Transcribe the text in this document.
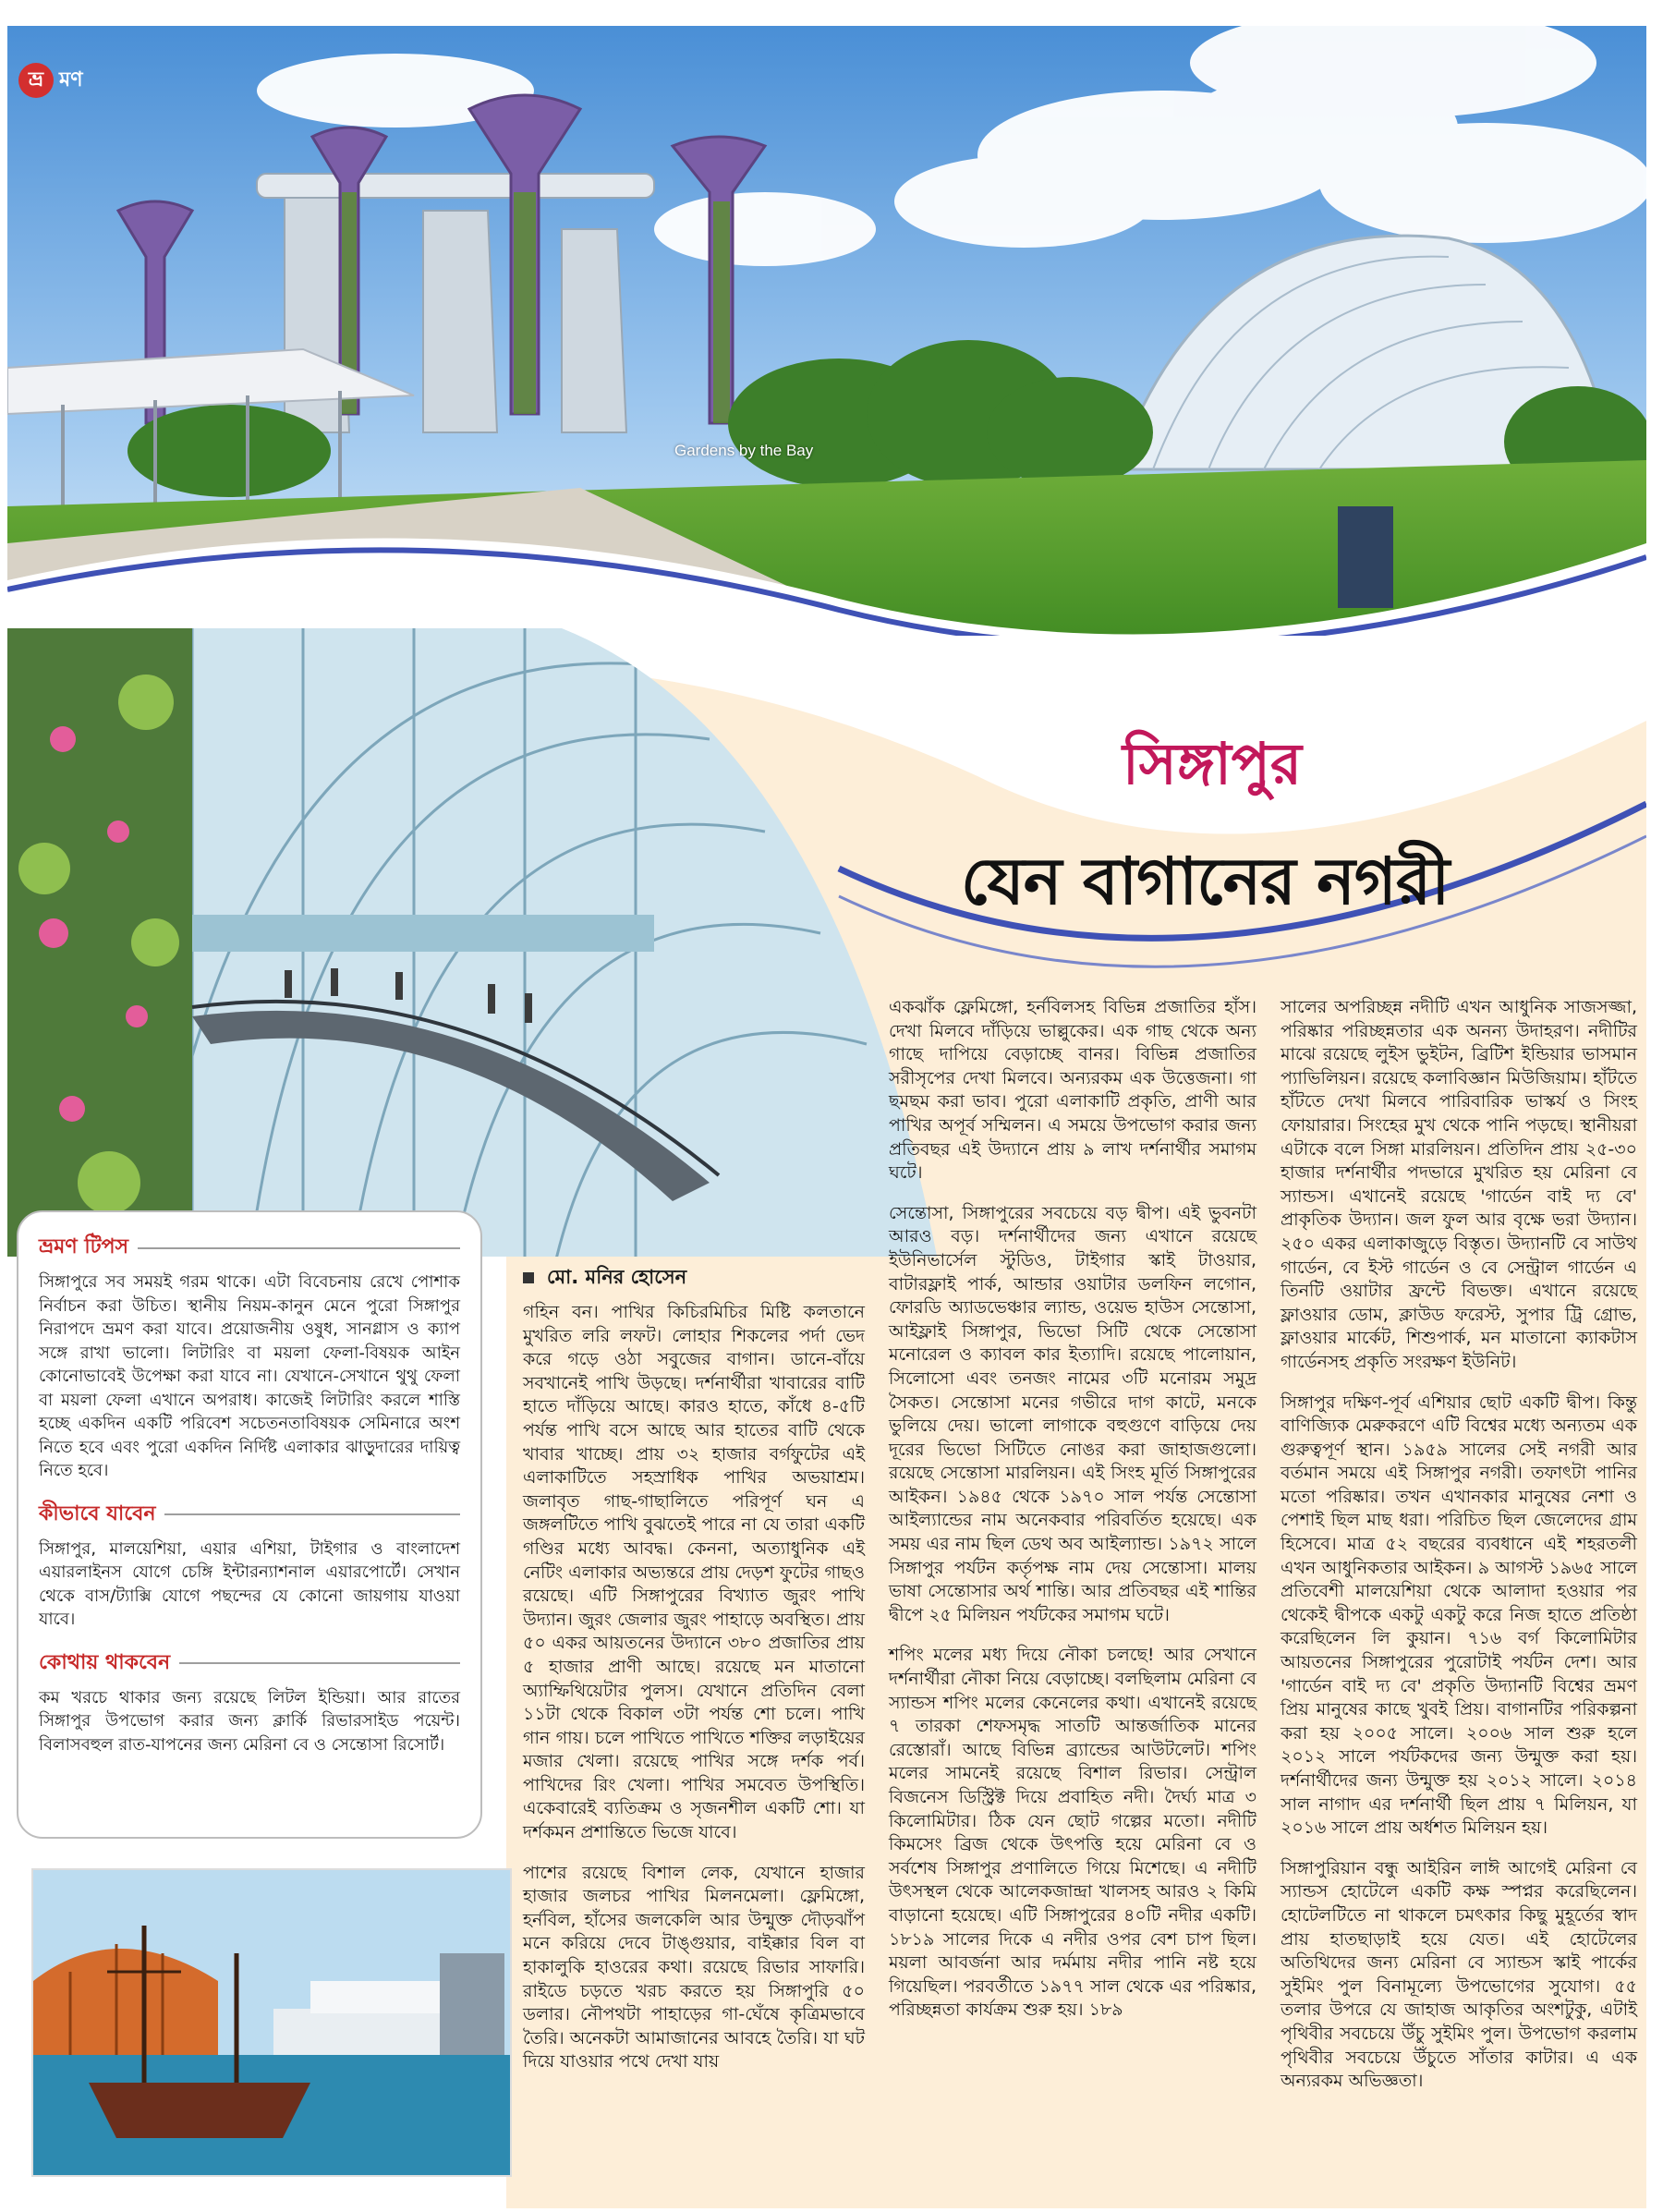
ভ্র মণ
Gardens by the Bay
সিঙ্গাপুর
যেন বাগানের নগরী
ভ্রমণ টিপস

সিঙ্গাপুরে সব সময়ই গরম থাকে। এটা বিবেচনায় রেখে পোশাক নির্বাচন করা উচিত। স্থানীয় নিয়ম-কানুন মেনে পুরো সিঙ্গাপুর নিরাপদে ভ্রমণ করা যাবে। প্রয়োজনীয় ওষুধ, সানগ্লাস ও ক্যাপ সঙ্গে রাখা ভালো। লিটারিং বা ময়লা ফেলা-বিষয়ক আইন কোনোভাবেই উপেক্ষা করা যাবে না। যেখানে-সেখানে থুথু ফেলা বা ময়লা ফেলা এখানে অপরাধ। কাজেই লিটারিং করলে শাস্তি হচ্ছে একদিন একটি পরিবেশ সচেতনতাবিষয়ক সেমিনারে অংশ নিতে হবে এবং পুরো একদিন নির্দিষ্ট এলাকার ঝাড়ুদারের দায়িত্ব নিতে হবে।

কীভাবে যাবেন

সিঙ্গাপুর, মালয়েশিয়া, এয়ার এশিয়া, টাইগার ও বাংলাদেশ এয়ারলাইনস যোগে চেঙ্গি ইন্টারন্যাশনাল এয়ারপোর্টে। সেখান থেকে বাস/ট্যাক্সি যোগে পছন্দের যে কোনো জায়গায় যাওয়া যাবে।

কোথায় থাকবেন

কম খরচে থাকার জন্য রয়েছে লিটল ইন্ডিয়া। আর রাতের সিঙ্গাপুর উপভোগ করার জন্য ক্লার্কি রিভারসাইড পয়েন্ট। বিলাসবহুল রাত-যাপনের জন্য মেরিনা বে ও সেন্তোসা রিসোর্ট।

মো. মনির হোসেন

গহিন বন। পাখির কিচিরমিচির মিষ্টি কলতানে মুখরিত লরি লফট। লোহার শিকলের পর্দা ভেদ করে গড়ে ওঠা সবুজের বাগান। ডানে-বাঁয়ে সবখানেই পাখি উড়ছে। দর্শনার্থীরা খাবারের বাটি হাতে দাঁড়িয়ে আছে। কারও হাতে, কাঁধে ৪-৫টি পর্যন্ত পাখি বসে আছে আর হাতের বাটি থেকে খাবার খাচ্ছে। প্রায় ৩২ হাজার বর্গফুটের এই এলাকাটিতে সহস্রাধিক পাখির অভয়াশ্রম। জলাবৃত গাছ-গাছালিতে পরিপূর্ণ ঘন এ জঙ্গলটিতে পাখি বুঝতেই পারে না যে তারা একটি গণ্ডির মধ্যে আবদ্ধ। কেননা, অত্যাধুনিক এই নেটিং এলাকার অভ্যন্তরে প্রায় দেড়শ ফুটের গাছও রয়েছে। এটি সিঙ্গাপুরের বিখ্যাত জুরং পাখি উদ্যান। জুরং জেলার জুরং পাহাড়ে অবস্থিত। প্রায় ৫০ একর আয়তনের উদ্যানে ৩৮০ প্রজাতির প্রায় ৫ হাজার প্রাণী আছে। রয়েছে মন মাতানো অ্যাম্ফিথিয়েটার পুলস। যেখানে প্রতিদিন বেলা ১১টা থেকে বিকাল ৩টা পর্যন্ত শো চলে। পাখি গান গায়। চলে পাখিতে পাখিতে শক্তির লড়াইয়ের মজার খেলা। রয়েছে পাখির সঙ্গে দর্শক পর্ব। পাখিদের রিং খেলা। পাখির সমবেত উপস্থিতি। একেবারেই ব্যতিক্রম ও সৃজনশীল একটি শো। যা দর্শকমন প্রশান্তিতে ভিজে যাবে।

পাশের রয়েছে বিশাল লেক, যেখানে হাজার হাজার জলচর পাখির মিলনমেলা। ফ্লেমিঙ্গো, হর্নবিল, হাঁসের জলকেলি আর উন্মুক্ত দৌড়ঝাঁপ মনে করিয়ে দেবে টাঙ্গুয়ার, বাইক্কার বিল বা হাকালুকি হাওরের কথা। রয়েছে রিভার সাফারি। রাইডে চড়তে খরচ করতে হয় সিঙ্গাপুরি ৫০ ডলার। নৌপথটা পাহাড়ের গা-ঘেঁষে কৃত্রিমভাবে তৈরি। অনেকটা আমাজানের আবহে তৈরি। যা ঘট দিয়ে যাওয়ার পথে দেখা যায়

একঝাঁক ফ্লেমিঙ্গো, হর্নবিলসহ বিভিন্ন প্রজাতির হাঁস। দেখা মিলবে দাঁড়িয়ে ভাল্লুকের। এক গাছ থেকে অন্য গাছে দাপিয়ে বেড়াচ্ছে বানর। বিভিন্ন প্রজাতির সরীসৃপের দেখা মিলবে। অন্যরকম এক উত্তেজনা। গা ছমছম করা ভাব। পুরো এলাকাটি প্রকৃতি, প্রাণী আর পাখির অপূর্ব সম্মিলন। এ সময়ে উপভোগ করার জন্য প্রতিবছর এই উদ্যানে প্রায় ৯ লাখ দর্শনার্থীর সমাগম ঘটে।

সেন্তোসা, সিঙ্গাপুরের সবচেয়ে বড় দ্বীপ। এই ভুবনটা আরও বড়। দর্শনার্থীদের জন্য এখানে রয়েছে ইউনিভার্সেল স্টুডিও, টাইগার স্কাই টাওয়ার, বাটারফ্লাই পার্ক, আন্ডার ওয়াটার ডলফিন লগোন, ফোরডি অ্যাডভেঞ্চার ল্যান্ড, ওয়েভ হাউস সেন্তোসা, আইফ্লাই সিঙ্গাপুর, ভিভো সিটি থেকে সেন্তোসা মনোরেল ও ক্যাবল কার ইত্যাদি। রয়েছে পালোয়ান, সিলোসো এবং তনজং নামের ৩টি মনোরম সমুদ্র সৈকত। সেন্তোসা মনের গভীরে দাগ কাটে, মনকে ভুলিয়ে দেয়। ভালো লাগাকে বহুগুণে বাড়িয়ে দেয় দূরের ভিভো সিটিতে নোঙর করা জাহাজগুলো। রয়েছে সেন্তোসা মারলিয়ন। এই সিংহ মূর্তি সিঙ্গাপুরের আইকন। ১৯৪৫ থেকে ১৯৭০ সাল পর্যন্ত সেন্তোসা আইল্যান্ডের নাম অনেকবার পরিবর্তিত হয়েছে। এক সময় এর নাম ছিল ডেথ অব আইল্যান্ড। ১৯৭২ সালে সিঙ্গাপুর পর্যটন কর্তৃপক্ষ নাম দেয় সেন্তোসা। মালয় ভাষা সেন্তোসার অর্থ শান্তি। আর প্রতিবছর এই শান্তির দ্বীপে ২৫ মিলিয়ন পর্যটকের সমাগম ঘটে।

শপিং মলের মধ্য দিয়ে নৌকা চলছে! আর সেখানে দর্শনার্থীরা নৌকা নিয়ে বেড়াচ্ছে। বলছিলাম মেরিনা বে স্যান্ডস শপিং মলের কেনেলের কথা। এখানেই রয়েছে ৭ তারকা শেফসমৃদ্ধ সাতটি আন্তর্জাতিক মানের রেস্তোরাঁ। আছে বিভিন্ন ব্র্যান্ডের আউটলেট। শপিং মলের সামনেই রয়েছে বিশাল রিভার। সেন্ট্রাল বিজনেস ডিস্ট্রিক্ট দিয়ে প্রবাহিত নদী। দৈর্ঘ্য মাত্র ৩ কিলোমিটার। ঠিক যেন ছোট গল্পের মতো। নদীটি কিমসেং ব্রিজ থেকে উৎপত্তি হয়ে মেরিনা বে ও সর্বশেষ সিঙ্গাপুর প্রণালিতে গিয়ে মিশেছে। এ নদীটি উৎসস্থল থেকে আলেকজান্দ্রা খালসহ আরও ২ কিমি বাড়ানো হয়েছে। এটি সিঙ্গাপুরের ৪০টি নদীর একটি। ১৮১৯ সালের দিকে এ নদীর ওপর বেশ চাপ ছিল। ময়লা আবর্জনা আর দর্মমায় নদীর পানি নষ্ট হয়ে গিয়েছিল। পরবর্তীতে ১৯৭৭ সাল থেকে এর পরিষ্কার, পরিচ্ছন্নতা কার্যক্রম শুরু হয়। ১৮৯

সালের অপরিচ্ছন্ন নদীটি এখন আধুনিক সাজসজ্জা, পরিষ্কার পরিচ্ছন্নতার এক অনন্য উদাহরণ। নদীটির মাঝে রয়েছে লুইস ভুইটন, ব্রিটিশ ইন্ডিয়ার ভাসমান প্যাভিলিয়ন। রয়েছে কলাবিজ্ঞান মিউজিয়াম। হাঁটতে হাঁটতে দেখা মিলবে পারিবারিক ভাস্কর্য ও সিংহ ফোয়ারার। সিংহের মুখ থেকে পানি পড়ছে। স্থানীয়রা এটাকে বলে সিঙ্গা মারলিয়ন। প্রতিদিন প্রায় ২৫-৩০ হাজার দর্শনার্থীর পদভারে মুখরিত হয় মেরিনা বে স্যান্ডস। এখানেই রয়েছে 'গার্ডেন বাই দ্য বে' প্রাকৃতিক উদ্যান। জল ফুল আর বৃক্ষে ভরা উদ্যান। ২৫০ একর এলাকাজুড়ে বিস্তৃত। উদ্যানটি বে সাউথ গার্ডেন, বে ইস্ট গার্ডেন ও বে সেন্ট্রাল গার্ডেন এ তিনটি ওয়াটার ফ্রন্টে বিভক্ত। এখানে রয়েছে ফ্লাওয়ার ডোম, ক্লাউড ফরেস্ট, সুপার ট্রি গ্রোভ, ফ্লাওয়ার মার্কেট, শিশুপার্ক, মন মাতানো ক্যাকটাস গার্ডেনসহ প্রকৃতি সংরক্ষণ ইউনিট।

সিঙ্গাপুর দক্ষিণ-পূর্ব এশিয়ার ছোট একটি দ্বীপ। কিন্তু বাণিজ্যিক মেরুকরণে এটি বিশ্বের মধ্যে অন্যতম এক গুরুত্বপূর্ণ স্থান। ১৯৫৯ সালের সেই নগরী আর বর্তমান সময়ে এই সিঙ্গাপুর নগরী। তফাৎটা পানির মতো পরিষ্কার। তখন এখানকার মানুষের নেশা ও পেশাই ছিল মাছ ধরা। পরিচিত ছিল জেলেদের গ্রাম হিসেবে। মাত্র ৫২ বছরের ব্যবধানে এই শহরতলী এখন আধুনিকতার আইকন। ৯ আগস্ট ১৯৬৫ সালে প্রতিবেশী মালয়েশিয়া থেকে আলাদা হওয়ার পর থেকেই দ্বীপকে একটু একটু করে নিজ হাতে প্রতিষ্ঠা করেছিলেন লি কুয়ান। ৭১৬ বর্গ কিলোমিটার আয়তনের সিঙ্গাপুরের পুরোটাই পর্যটন দেশ। আর 'গার্ডেন বাই দ্য বে' প্রকৃতি উদ্যানটি বিশ্বের ভ্রমণ প্রিয় মানুষের কাছে খুবই প্রিয়। বাগানটির পরিকল্পনা করা হয় ২০০৫ সালে। ২০০৬ সাল শুরু হলে ২০১২ সালে পর্যটকদের জন্য উন্মুক্ত করা হয়। দর্শনার্থীদের জন্য উন্মুক্ত হয় ২০১২ সালে। ২০১৪ সাল নাগাদ এর দর্শনার্থী ছিল প্রায় ৭ মিলিয়ন, যা ২০১৬ সালে প্রায় অর্ধশত মিলিয়ন হয়।

সিঙ্গাপুরিয়ান বন্ধু আইরিন লাঈ আগেই মেরিনা বে স্যান্ডস হোটেলে একটি কক্ষ স্পপ্নর করেছিলেন। হোটেলটিতে না থাকলে চমৎকার কিছু মুহূর্তের স্বাদ প্রায় হাতছাড়াই হয়ে যেত। এই হোটেলের অতিথিদের জন্য মেরিনা বে স্যান্ডস স্কাই পার্কের সুইমিং পুল বিনামূল্যে উপভোগের সুযোগ। ৫৫ তলার উপরে যে জাহাজ আকৃতির অংশটুকু, এটাই পৃথিবীর সবচেয়ে উঁচু সুইমিং পুল। উপভোগ করলাম পৃথিবীর সবচেয়ে উঁচুতে সাঁতার কাটার। এ এক অন্যরকম অভিজ্ঞতা।
